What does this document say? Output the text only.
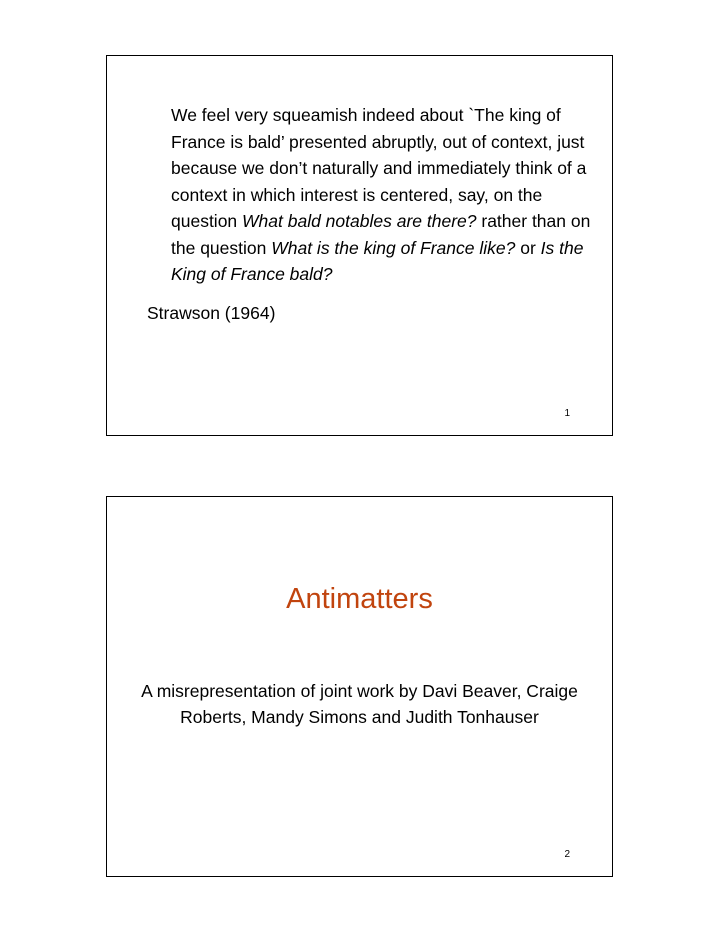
We feel very squeamish indeed about `The king of France is bald’ presented abruptly, out of context, just because we don’t naturally and immediately think of a context in which interest is centered, say, on the question What bald notables are there? rather than on the question What is the king of France like? or Is the King of France bald?

Strawson (1964)
1
Antimatters
A misrepresentation of joint work by Davi Beaver, Craige Roberts, Mandy Simons and Judith Tonhauser
2
